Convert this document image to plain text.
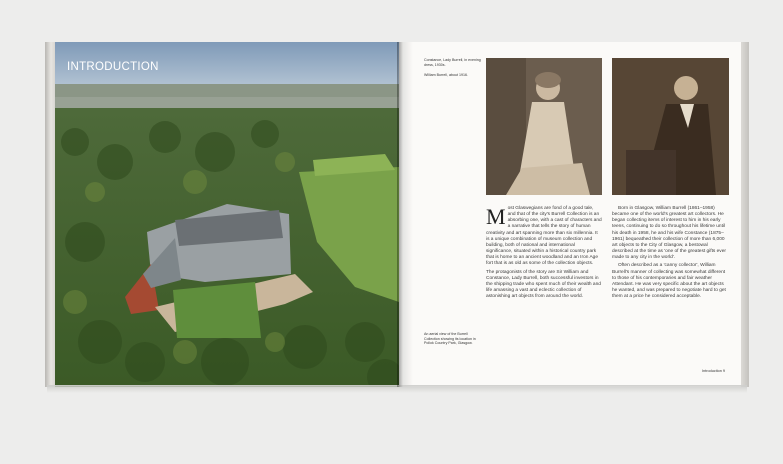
INTRODUCTION

Constance, Lady Burrell, in evening dress, 1930s.

William Burrell, about 1916.

M ost Glaswegians are fond of a good tale, and that of the city's Burrell Collection is an absorbing one, with a cast of characters and a narrative that tells the story of human creativity and art spanning more than six millennia. It is a unique combination of museum collection and building, both of national and international significance, situated within a historical country park that is home to an ancient woodland and an Iron Age fort that is as old as some of the collection objects.

The protagonists of the story are Sir William and Constance, Lady Burrell, both successful investors in the shipping trade who spent much of their wealth and life amassing a vast and eclectic collection of astonishing art objects from around the world.

Born in Glasgow, William Burrell (1861–1958) became one of the world's greatest art collectors. He began collecting items of interest to him in his early teens, continuing to do so throughout his lifetime until his death in 1958, he and his wife Constance (1875–1961) bequeathed their collection of more than 6,000 art objects to the City of Glasgow, a bestowal described at the time as 'one of the greatest gifts ever made to any city in the world'.

Often described as a 'canny collector', William Burrell's manner of collecting was somewhat different to those of his contemporaries and fair weather Attendant. He was very specific about the art objects he wanted, and was prepared to negotiate hard to get them at a price he considered acceptable.

An aerial view of the Burrell Collection showing its location in Pollok Country Park, Glasgow.

Introduction 9
